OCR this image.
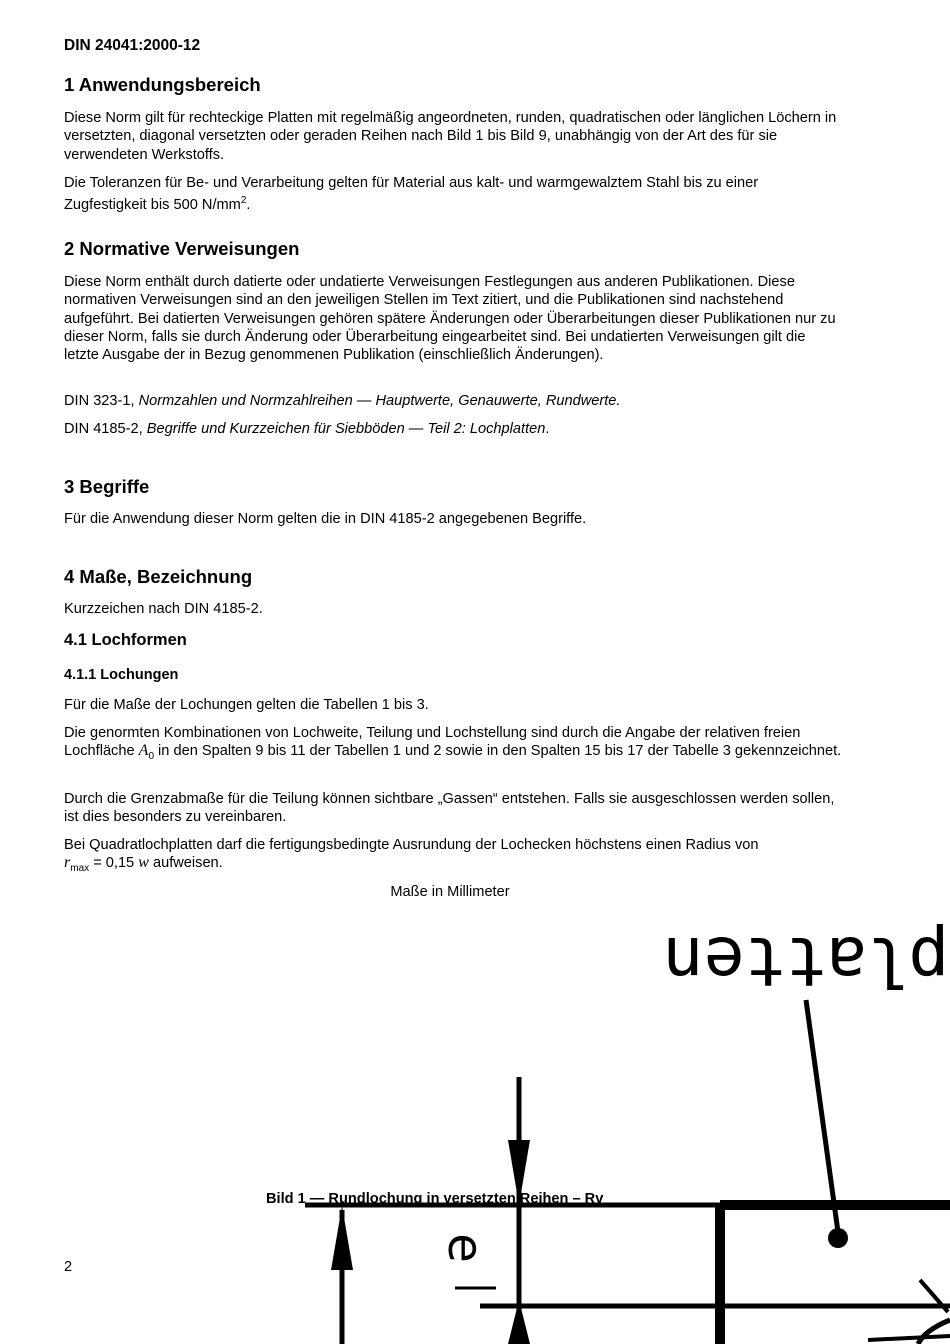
DIN 24041:2000-12
1 Anwendungsbereich
Diese Norm gilt für rechteckige Platten mit regelmäßig angeordneten, runden, quadratischen oder länglichen Löchern in versetzten, diagonal versetzten oder geraden Reihen nach Bild 1 bis Bild 9, unabhängig von der Art des für sie verwendeten Werkstoffs.
Die Toleranzen für Be- und Verarbeitung gelten für Material aus kalt- und warmgewalztem Stahl bis zu einer Zugfestigkeit bis 500 $N/mm^2$.
2 Normative Verweisungen
Diese Norm enthält durch datierte oder undatierte Verweisungen Festlegungen aus anderen Publikationen. Diese normativen Verweisungen sind an den jeweiligen Stellen im Text zitiert, und die Publikationen sind nachstehend aufgeführt. Bei datierten Verweisungen gehören spätere Änderungen oder Überarbeitungen dieser Publikationen nur zu dieser Norm, falls sie durch Änderung oder Überarbeitung eingearbeitet sind. Bei undatierten Verweisungen gilt die letzte Ausgabe der in Bezug genommenen Publikation (einschließlich Änderungen).
DIN 323-1, Normzahlen und Normzahlreihen — Hauptwerte, Genauwerte, Rundwerte.
DIN 4185-2, Begriffe und Kurzzeichen für Siebböden — Teil 2: Lochplatten.
3 Begriffe
Für die Anwendung dieser Norm gelten die in DIN 4185-2 angegebenen Begriffe.
4 Maße, Bezeichnung
Kurzzeichen nach DIN 4185-2.
4.1 Lochformen
4.1.1 Lochungen
Für die Maße der Lochungen gelten die Tabellen 1 bis 3.
Die genormten Kombinationen von Lochweite, Teilung und Lochstellung sind durch die Angabe der relativen freien Lochfläche $A_0$ in den Spalten 9 bis 11 der Tabellen 1 und 2 sowie in den Spalten 15 bis 17 der Tabelle 3 gekennzeichnet.
Durch die Grenzabmaße für die Teilung können sichtbare „Gassen“ entstehen. Falls sie ausgeschlossen werden sollen, ist dies besonders zu vereinbaren.
Bei Quadratlochplatten darf die fertigungsbedingte Ausrundung der Lochecken höchstens einen Radius von
$r_{max} = 0,15$ w aufweisen.
Maße in Millimeter
platten
e
Bild 1 — Rundlochung in versetzten Reihen – Rv
2
